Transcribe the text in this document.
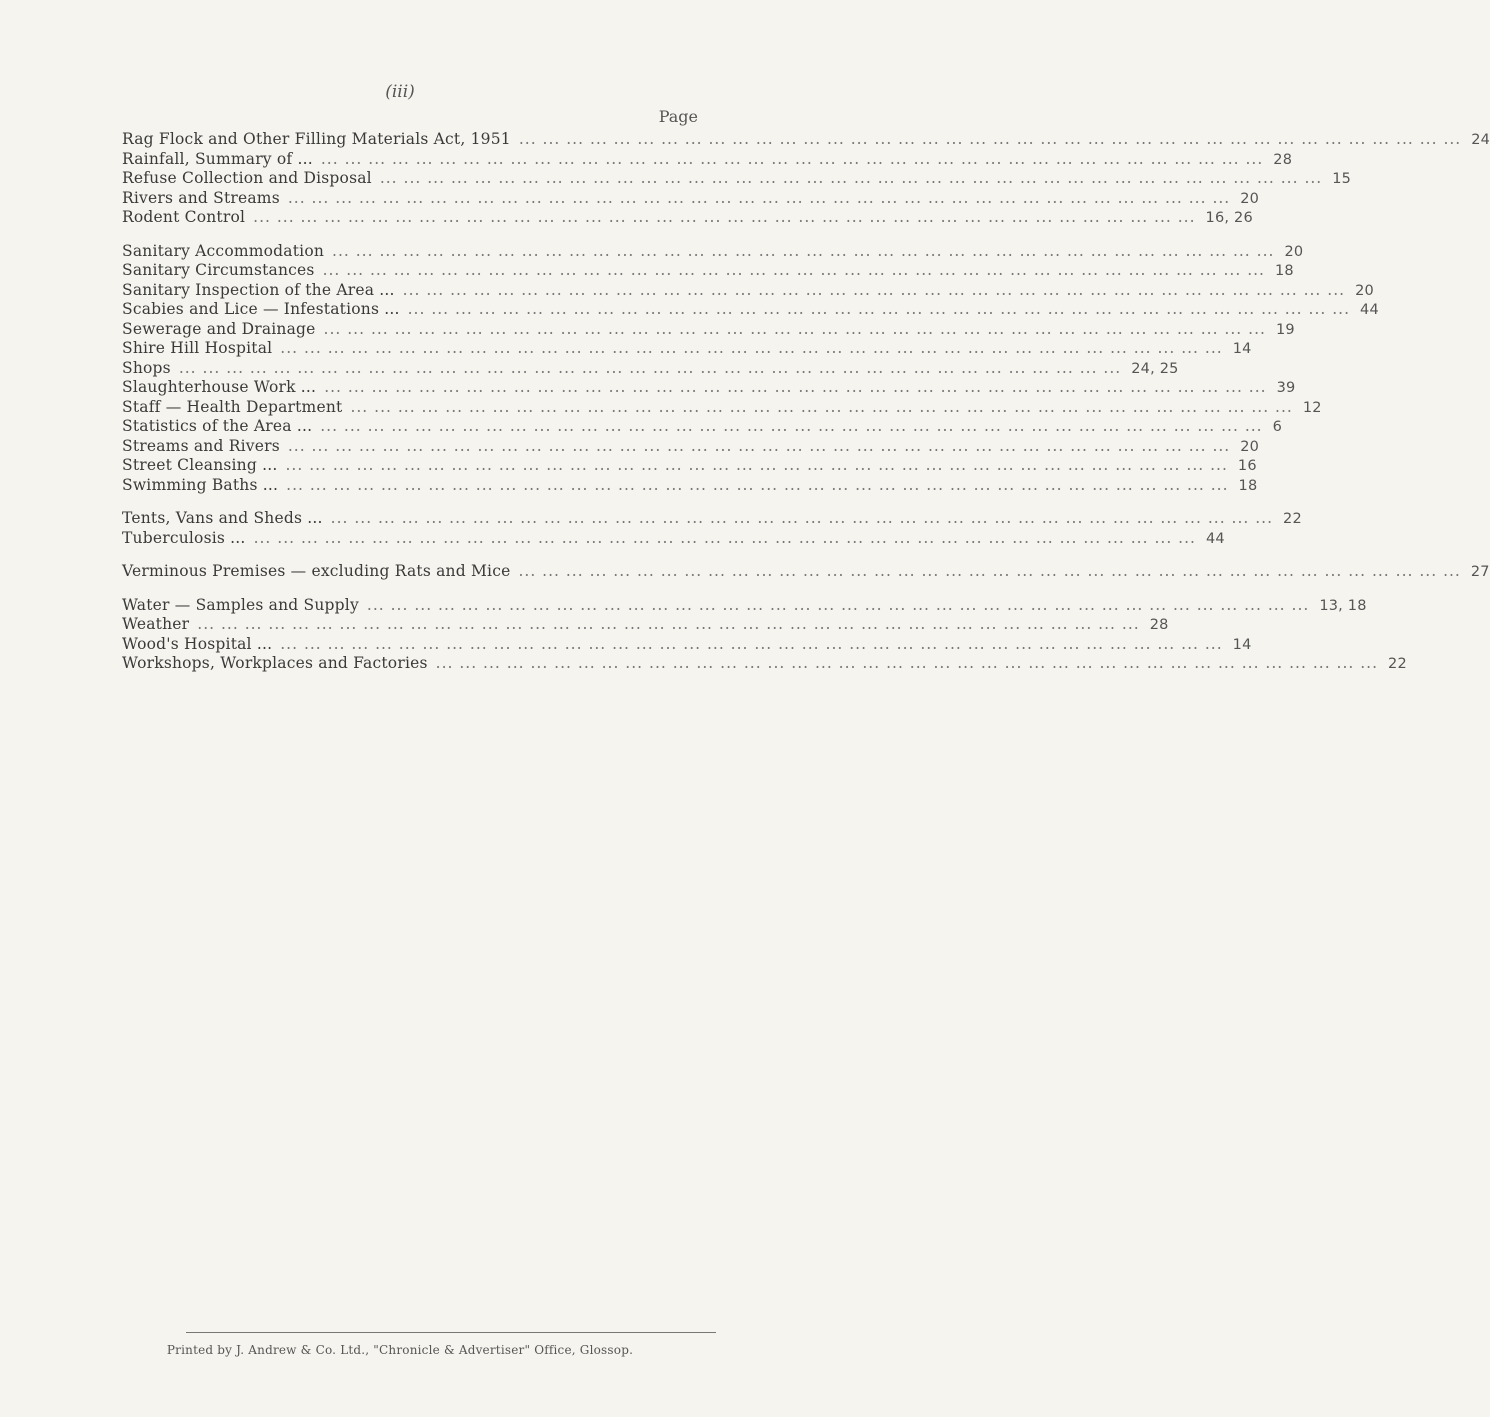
(iii)
Page
Rag Flock and Other Filling Materials Act, 1951 ... ... ... ... ... ... ... ... ... ... ... ... ... ... ... ... ... ... ... ... ... ... ... ... ... ... ... ... ... ... ... ... ... ... ... ... ... ... ... ... 24
Rainfall, Summary of ... ... ... ... ... ... ... ... ... ... ... ... ... ... ... ... ... ... ... ... ... ... ... ... ... ... ... ... ... ... ... ... ... ... ... ... ... ... ... ... ... 28
Refuse Collection and Disposal ... ... ... ... ... ... ... ... ... ... ... ... ... ... ... ... ... ... ... ... ... ... ... ... ... ... ... ... ... ... ... ... ... ... ... ... ... ... ... ... 15
Rivers and Streams ... ... ... ... ... ... ... ... ... ... ... ... ... ... ... ... ... ... ... ... ... ... ... ... ... ... ... ... ... ... ... ... ... ... ... ... ... ... ... ... 20
Rodent Control ... ... ... ... ... ... ... ... ... ... ... ... ... ... ... ... ... ... ... ... ... ... ... ... ... ... ... ... ... ... ... ... ... ... ... ... ... ... ... ... 16, 26
Sanitary Accommodation ... ... ... ... ... ... ... ... ... ... ... ... ... ... ... ... ... ... ... ... ... ... ... ... ... ... ... ... ... ... ... ... ... ... ... ... ... ... ... ... 20
Sanitary Circumstances ... ... ... ... ... ... ... ... ... ... ... ... ... ... ... ... ... ... ... ... ... ... ... ... ... ... ... ... ... ... ... ... ... ... ... ... ... ... ... ... 18
Sanitary Inspection of the Area ... ... ... ... ... ... ... ... ... ... ... ... ... ... ... ... ... ... ... ... ... ... ... ... ... ... ... ... ... ... ... ... ... ... ... ... ... ... ... ... ... 20
Scabies and Lice — Infestations ... ... ... ... ... ... ... ... ... ... ... ... ... ... ... ... ... ... ... ... ... ... ... ... ... ... ... ... ... ... ... ... ... ... ... ... ... ... ... ... ... 44
Sewerage and Drainage ... ... ... ... ... ... ... ... ... ... ... ... ... ... ... ... ... ... ... ... ... ... ... ... ... ... ... ... ... ... ... ... ... ... ... ... ... ... ... ... 19
Shire Hill Hospital ... ... ... ... ... ... ... ... ... ... ... ... ... ... ... ... ... ... ... ... ... ... ... ... ... ... ... ... ... ... ... ... ... ... ... ... ... ... ... ... 14
Shops ... ... ... ... ... ... ... ... ... ... ... ... ... ... ... ... ... ... ... ... ... ... ... ... ... ... ... ... ... ... ... ... ... ... ... ... ... ... ... ... 24, 25
Slaughterhouse Work ... ... ... ... ... ... ... ... ... ... ... ... ... ... ... ... ... ... ... ... ... ... ... ... ... ... ... ... ... ... ... ... ... ... ... ... ... ... ... ... ... 39
Staff — Health Department ... ... ... ... ... ... ... ... ... ... ... ... ... ... ... ... ... ... ... ... ... ... ... ... ... ... ... ... ... ... ... ... ... ... ... ... ... ... ... ... 12
Statistics of the Area ... ... ... ... ... ... ... ... ... ... ... ... ... ... ... ... ... ... ... ... ... ... ... ... ... ... ... ... ... ... ... ... ... ... ... ... ... ... ... ... ... 6
Streams and Rivers ... ... ... ... ... ... ... ... ... ... ... ... ... ... ... ... ... ... ... ... ... ... ... ... ... ... ... ... ... ... ... ... ... ... ... ... ... ... ... ... 20
Street Cleansing ... ... ... ... ... ... ... ... ... ... ... ... ... ... ... ... ... ... ... ... ... ... ... ... ... ... ... ... ... ... ... ... ... ... ... ... ... ... ... ... ... 16
Swimming Baths ... ... ... ... ... ... ... ... ... ... ... ... ... ... ... ... ... ... ... ... ... ... ... ... ... ... ... ... ... ... ... ... ... ... ... ... ... ... ... ... ... 18
Tents, Vans and Sheds ... ... ... ... ... ... ... ... ... ... ... ... ... ... ... ... ... ... ... ... ... ... ... ... ... ... ... ... ... ... ... ... ... ... ... ... ... ... ... ... ... 22
Tuberculosis ... ... ... ... ... ... ... ... ... ... ... ... ... ... ... ... ... ... ... ... ... ... ... ... ... ... ... ... ... ... ... ... ... ... ... ... ... ... ... ... ... 44
Verminous Premises — excluding Rats and Mice ... ... ... ... ... ... ... ... ... ... ... ... ... ... ... ... ... ... ... ... ... ... ... ... ... ... ... ... ... ... ... ... ... ... ... ... ... ... ... ... 27
Water — Samples and Supply ... ... ... ... ... ... ... ... ... ... ... ... ... ... ... ... ... ... ... ... ... ... ... ... ... ... ... ... ... ... ... ... ... ... ... ... ... ... ... ... 13, 18
Weather ... ... ... ... ... ... ... ... ... ... ... ... ... ... ... ... ... ... ... ... ... ... ... ... ... ... ... ... ... ... ... ... ... ... ... ... ... ... ... ... 28
Wood's Hospital ... ... ... ... ... ... ... ... ... ... ... ... ... ... ... ... ... ... ... ... ... ... ... ... ... ... ... ... ... ... ... ... ... ... ... ... ... ... ... ... ... 14
Workshops, Workplaces and Factories ... ... ... ... ... ... ... ... ... ... ... ... ... ... ... ... ... ... ... ... ... ... ... ... ... ... ... ... ... ... ... ... ... ... ... ... ... ... ... ... 22
Printed by J. Andrew & Co. Ltd., "Chronicle & Advertiser" Office, Glossop.
